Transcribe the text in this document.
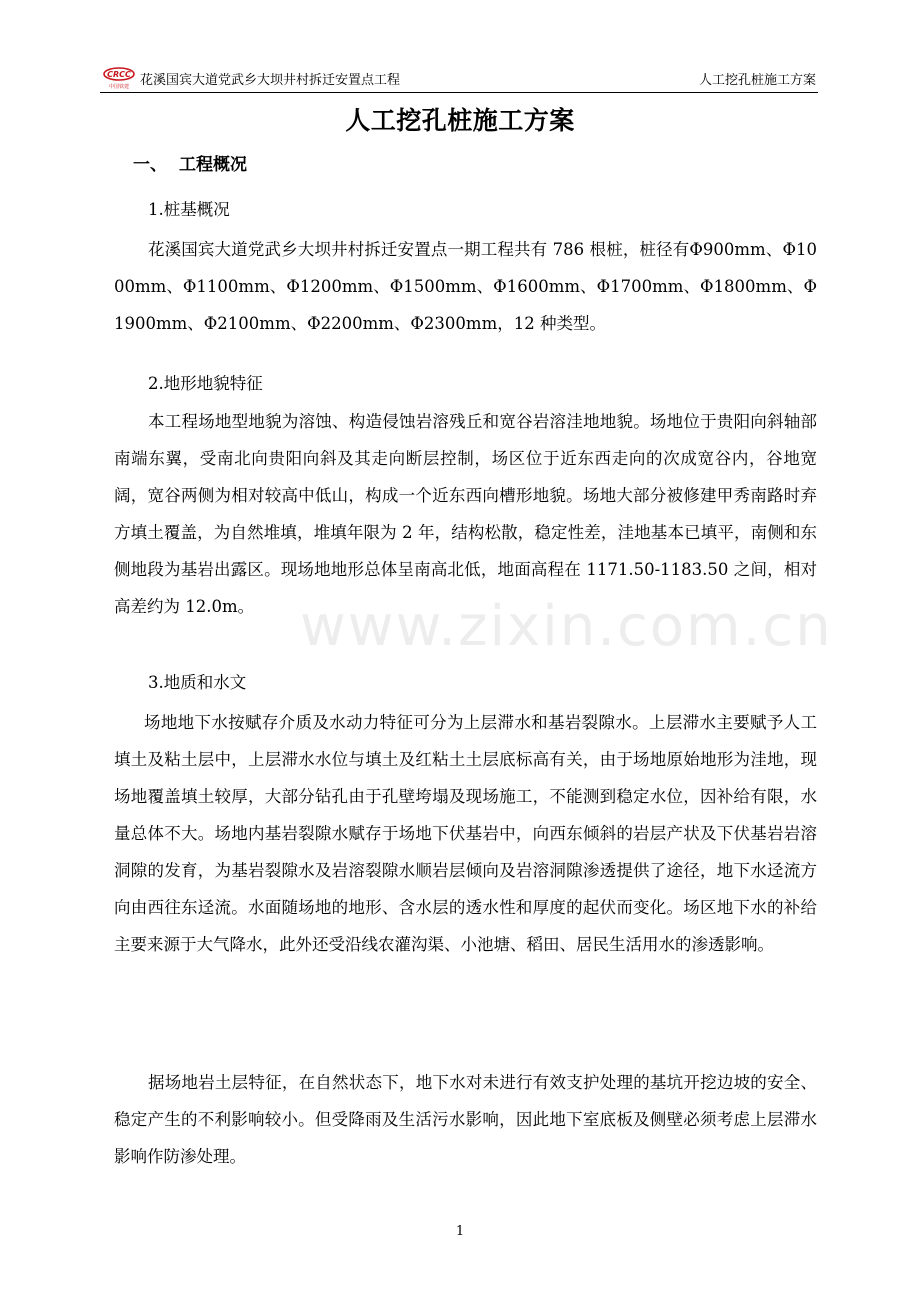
CRCC
中国铁建 花溪国宾大道党武乡大坝井村拆迁安置点工程	人工挖孔桩施工方案
人工挖孔桩施工方案
一、 工程概况
1.桩基概况

花溪国宾大道党武乡大坝井村拆迁安置点一期工程共有 786 根桩，桩径有Φ900mm、Φ1000mm、Φ1100mm、Φ1200mm、Φ1500mm、Φ1600mm、Φ1700mm、Φ1800mm、Φ1900mm、Φ2100mm、Φ2200mm、Φ2300mm，12 种类型。

2.地形地貌特征

本工程场地型地貌为溶蚀、构造侵蚀岩溶残丘和宽谷岩溶洼地地貌。场地位于贵阳向斜轴部南端东翼，受南北向贵阳向斜及其走向断层控制，场区位于近东西走向的次成宽谷内，谷地宽阔，宽谷两侧为相对较高中低山，构成一个近东西向槽形地貌。场地大部分被修建甲秀南路时弃方填土覆盖，为自然堆填，堆填年限为 2 年，结构松散，稳定性差，洼地基本已填平，南侧和东侧地段为基岩出露区。现场地地形总体呈南高北低，地面高程在 1171.50-1183.50 之间，相对高差约为 12.0m。

3.地质和水文

场地地下水按赋存介质及水动力特征可分为上层滞水和基岩裂隙水。上层滞水主要赋予人工填土及粘土层中，上层滞水水位与填土及红粘土土层底标高有关，由于场地原始地形为洼地，现场地覆盖填土较厚，大部分钻孔由于孔壁垮塌及现场施工，不能测到稳定水位，因补给有限，水量总体不大。场地内基岩裂隙水赋存于场地下伏基岩中，向西东倾斜的岩层产状及下伏基岩岩溶洞隙的发育，为基岩裂隙水及岩溶裂隙水顺岩层倾向及岩溶洞隙渗透提供了途径，地下水迳流方向由西往东迳流。水面随场地的地形、含水层的透水性和厚度的起伏而变化。场区地下水的补给主要来源于大气降水，此外还受沿线农灌沟渠、小池塘、稻田、居民生活用水的渗透影响。

据场地岩土层特征，在自然状态下，地下水对未进行有效支护处理的基坑开挖边坡的安全、稳定产生的不利影响较小。但受降雨及生活污水影响，因此地下室底板及侧壁必须考虑上层滞水影响作防渗处理。

www.zixin.com.cn
1
